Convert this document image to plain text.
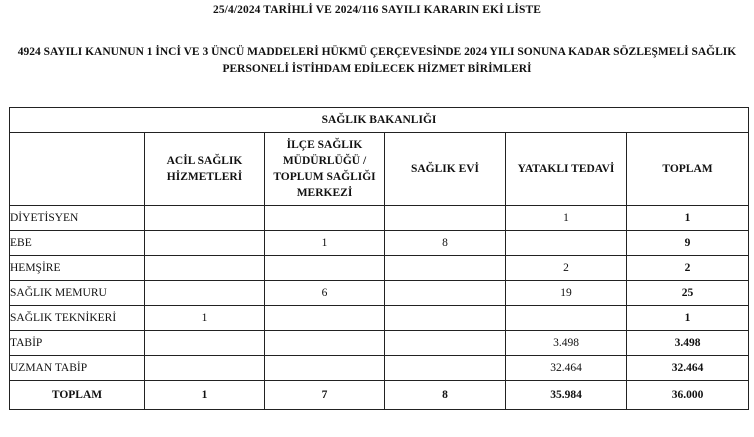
25/4/2024 TARİHLİ VE 2024/116 SAYILI KARARIN EKİ LİSTE
4924 SAYILI KANUNUN 1 İNCİ VE 3 ÜNCÜ MADDELERİ HÜKMÜ ÇERÇEVESİNDE 2024 YILI SONUNA KADAR SÖZLEŞMELİ SAĞLIK
PERSONELİ İSTİHDAM EDİLECEK HİZMET BİRİMLERİ
SAĞLIK BAKANLIĞI					
	ACİL SAĞLIK
HİZMETLERİ	İLÇE SAĞLIK
MÜDÜRLÜĞÜ /
TOPLUM SAĞLIĞI
MERKEZİ	SAĞLIK EVİ	YATAKLI TEDAVİ	TOPLAM
DİYETİSYEN				1	1
EBE		1	8		9
HEMŞİRE				2	2
SAĞLIK MEMURU		6		19	25
SAĞLIK TEKNİKERİ	1				1
TABİP				3.498	3.498
UZMAN TABİP				32.464	32.464
TOPLAM	1	7	8	35.984	36.000
